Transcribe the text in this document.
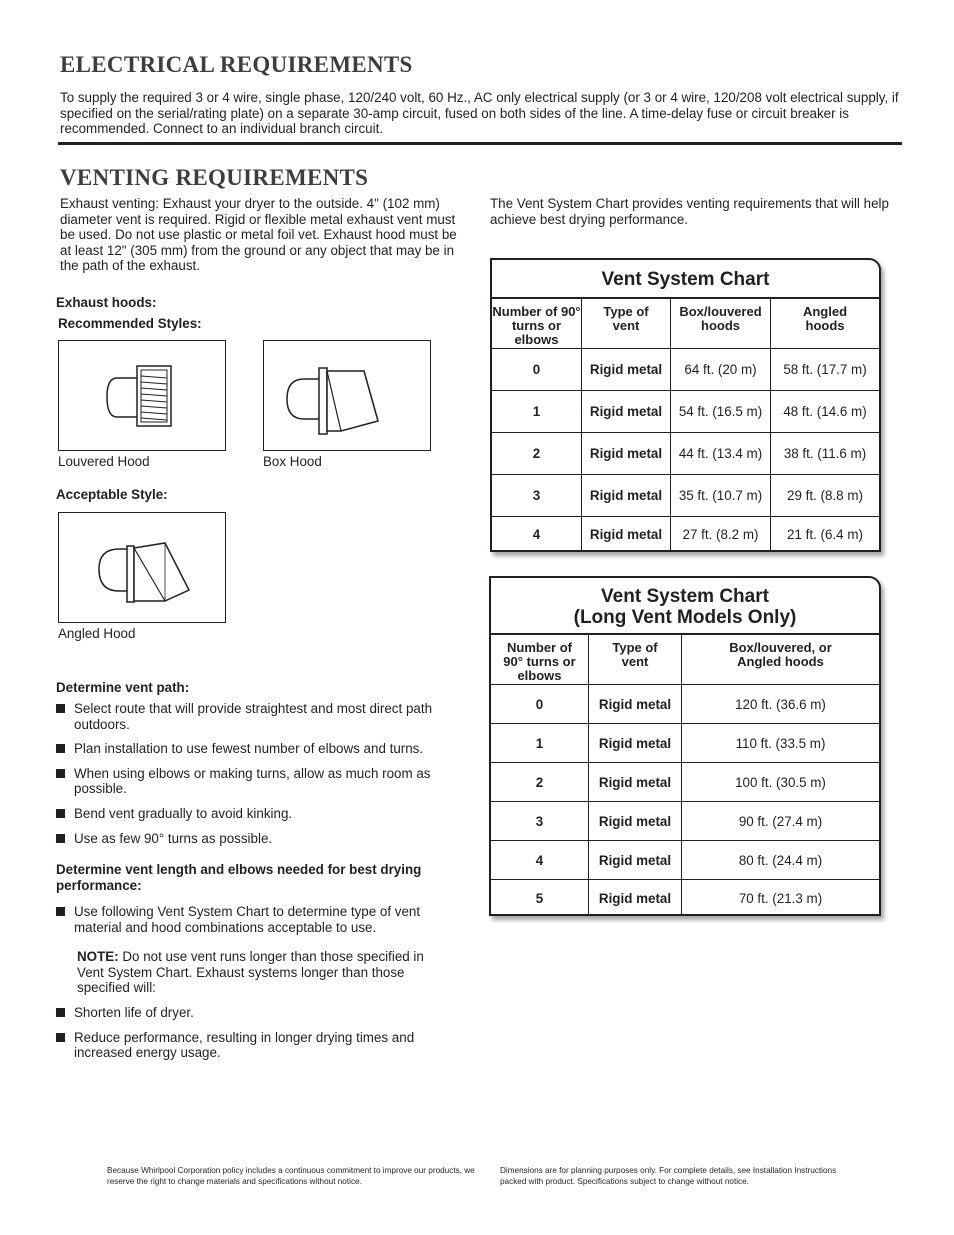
ELECTRICAL REQUIREMENTS
To supply the required 3 or 4 wire, single phase, 120/240 volt, 60 Hz., AC only electrical supply (or 3 or 4 wire, 120/208 volt electrical supply, if specified on the serial/rating plate) on a separate 30-amp circuit, fused on both sides of the line. A time-delay fuse or circuit breaker is recommended. Connect to an individual branch circuit.
VENTING REQUIREMENTS
Exhaust venting: Exhaust your dryer to the outside. 4" (102 mm) diameter vent is required. Rigid or flexible metal exhaust vent must be used. Do not use plastic or metal foil vet. Exhaust hood must be at least 12" (305 mm) from the ground or any object that may be in the path of the exhaust.
The Vent System Chart provides venting requirements that will help achieve best drying performance.
Exhaust hoods:
Recommended Styles:
Louvered Hood	Box Hood
Acceptable Style:
Angled Hood
Determine vent path:
Select route that will provide straightest and most direct path outdoors.
Plan installation to use fewest number of elbows and turns.
When using elbows or making turns, allow as much room as possible.
Bend vent gradually to avoid kinking.
Use as few 90° turns as possible.
Determine vent length and elbows needed for best drying performance:
Use following Vent System Chart to determine type of vent material and hood combinations acceptable to use.
NOTE: Do not use vent runs longer than those specified in Vent System Chart. Exhaust systems longer than those specified will:
Shorten life of dryer.
Reduce performance, resulting in longer drying times and increased energy usage.
Vent System Chart
Number of 90° turns or elbows
Type of vent
Box/louvered hoods
Angled hoods
0	Rigid metal	64 ft. (20 m)	58 ft. (17.7 m)
1	Rigid metal	54 ft. (16.5 m)	48 ft. (14.6 m)
2	Rigid metal	44 ft. (13.4 m)	38 ft. (11.6 m)
3	Rigid metal	35 ft. (10.7 m)	29 ft. (8.8 m)
4	Rigid metal	27 ft. (8.2 m)	21 ft. (6.4 m)
Vent System Chart
(Long Vent Models Only)
Number of 90° turns or elbows
Type of vent
Box/louvered, or Angled hoods
0	Rigid metal	120 ft. (36.6 m)
1	Rigid metal	110 ft. (33.5 m)
2	Rigid metal	100 ft. (30.5 m)
3	Rigid metal	90 ft. (27.4 m)
4	Rigid metal	80 ft. (24.4 m)
5	Rigid metal	70 ft. (21.3 m)
Because Whirlpool Corporation policy includes a continuous commitment to improve our products, we reserve the right to change materials and specifications without notice.
Dimensions are for planning purposes only. For complete details, see Installation Instructions packed with product. Specifications subject to change without notice.
